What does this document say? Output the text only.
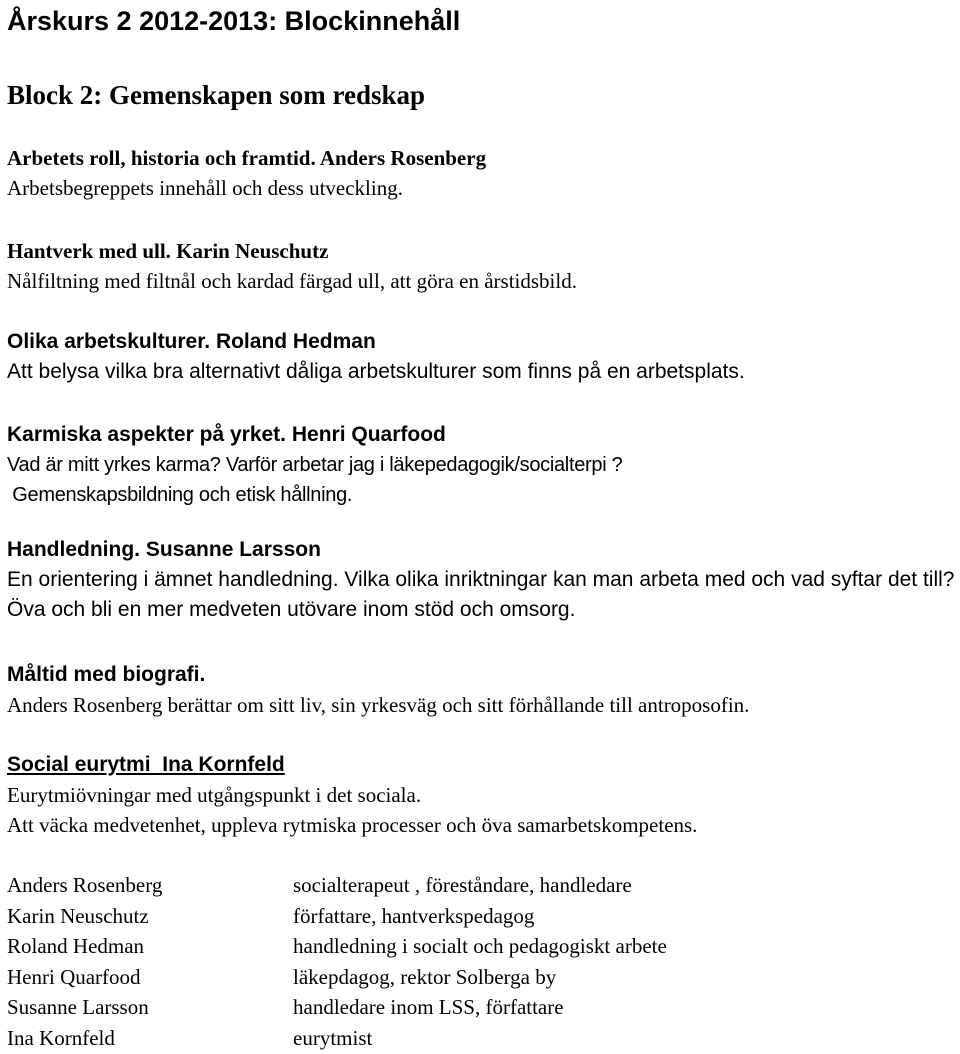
Årskurs 2 2012-2013: Blockinnehåll
Block 2: Gemenskapen som redskap
Arbetets roll, historia och framtid. Anders Rosenberg
Arbetsbegreppets innehåll och dess utveckling.
Hantverk med ull. Karin Neuschutz
Nålfiltning med filtnål och kardad färgad ull, att göra en årstidsbild.
Olika arbetskulturer. Roland Hedman
Att belysa vilka bra alternativt dåliga arbetskulturer som finns på en arbetsplats.
Karmiska aspekter på yrket. Henri Quarfood
Vad är mitt yrkes karma? Varför arbetar jag i läkepedagogik/socialterpi ?
Gemenskapsbildning och etisk hållning.
Handledning. Susanne Larsson
En orientering i ämnet handledning. Vilka olika inriktningar kan man arbeta med och vad syftar det till? Öva och bli en mer medveten utövare inom stöd och omsorg.
Måltid med biografi.
Anders Rosenberg berättar om sitt liv, sin yrkesväg och sitt förhållande till antroposofin.
Social eurytmi Ina Kornfeld
Eurytmiövningar med utgångspunkt i det sociala.
Att väcka medvetenhet, uppleva rytmiska processer och öva samarbetskompetens.
Anders Rosenberg	socialterapeut , föreståndare, handledare
Karin Neuschutz	författare, hantverkspedagog
Roland Hedman	handledning i socialt och pedagogiskt arbete
Henri Quarfood	läkepdagog, rektor Solberga by
Susanne Larsson	handledare inom LSS, författare
Ina Kornfeld	eurytmist
